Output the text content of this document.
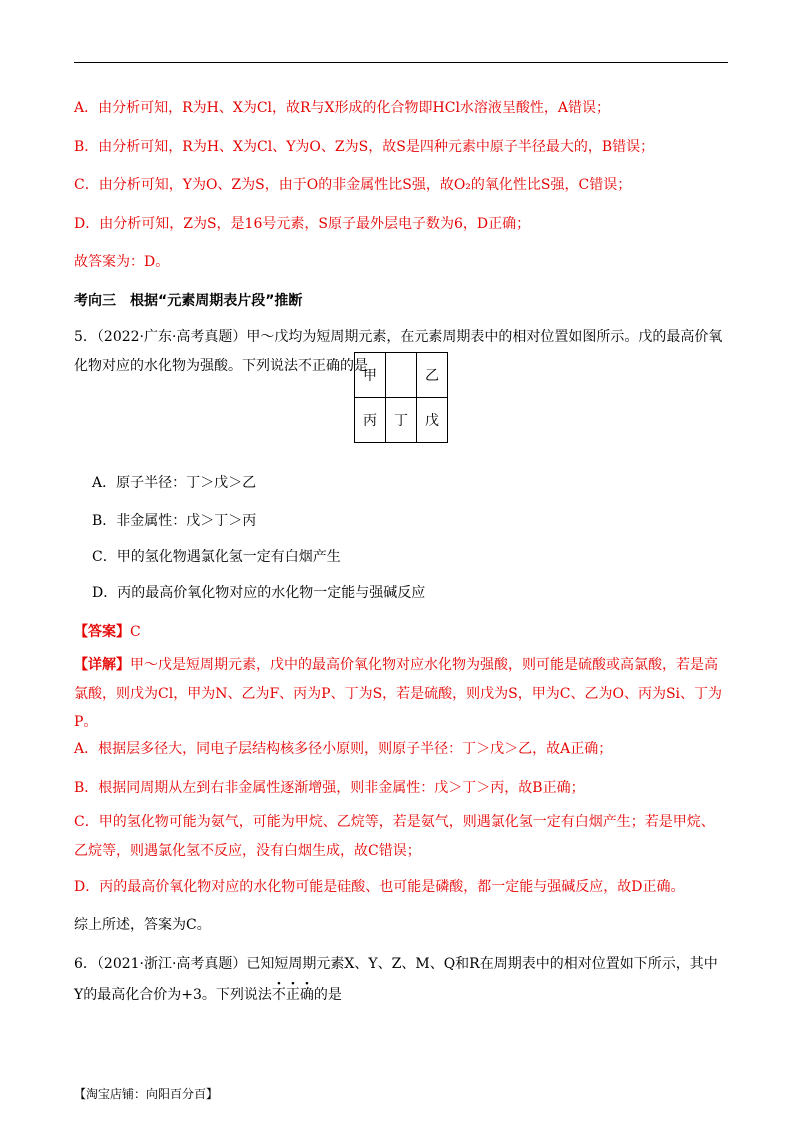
A．由分析可知，R为H、X为Cl，故R与X形成的化合物即HCl水溶液呈酸性，A错误；
B．由分析可知，R为H、X为Cl、Y为O、Z为S，故S是四种元素中原子半径最大的，B错误；
C．由分析可知，Y为O、Z为S，由于O的非金属性比S强，故O₂的氧化性比S强，C错误；
D．由分析可知，Z为S，是16号元素，S原子最外层电子数为6，D正确；
故答案为：D。
考向三　根据“元素周期表片段”推断
5．（2022·广东·高考真题）甲～戊均为短周期元素，在元素周期表中的相对位置如图所示。戊的最高价氧化物对应的水化物为强酸。下列说法不正确的是
甲		乙
丙	丁	戊
A．原子半径：丁＞戊＞乙
B．非金属性：戊＞丁＞丙
C．甲的氢化物遇氯化氢一定有白烟产生
D．丙的最高价氧化物对应的水化物一定能与强碱反应
【答案】C
【详解】甲～戊是短周期元素，戊中的最高价氧化物对应水化物为强酸，则可能是硫酸或高氯酸，若是高氯酸，则戊为Cl，甲为N、乙为F、丙为P、丁为S，若是硫酸，则戊为S，甲为C、乙为O、丙为Si、丁为P。
A．根据层多径大，同电子层结构核多径小原则，则原子半径：丁＞戊＞乙，故A正确；
B．根据同周期从左到右非金属性逐渐增强，则非金属性：戊＞丁＞丙，故B正确；
C．甲的氢化物可能为氨气，可能为甲烷、乙烷等，若是氨气，则遇氯化氢一定有白烟产生；若是甲烷、乙烷等，则遇氯化氢不反应，没有白烟生成，故C错误；
D．丙的最高价氧化物对应的水化物可能是硅酸、也可能是磷酸，都一定能与强碱反应，故D正确。
综上所述，答案为C。
6．（2021·浙江·高考真题）已知短周期元素X、Y、Z、M、Q和R在周期表中的相对位置如下所示，其中
Y的最高化合价为+3。下列说法不正确的是
【淘宝店铺：向阳百分百】
